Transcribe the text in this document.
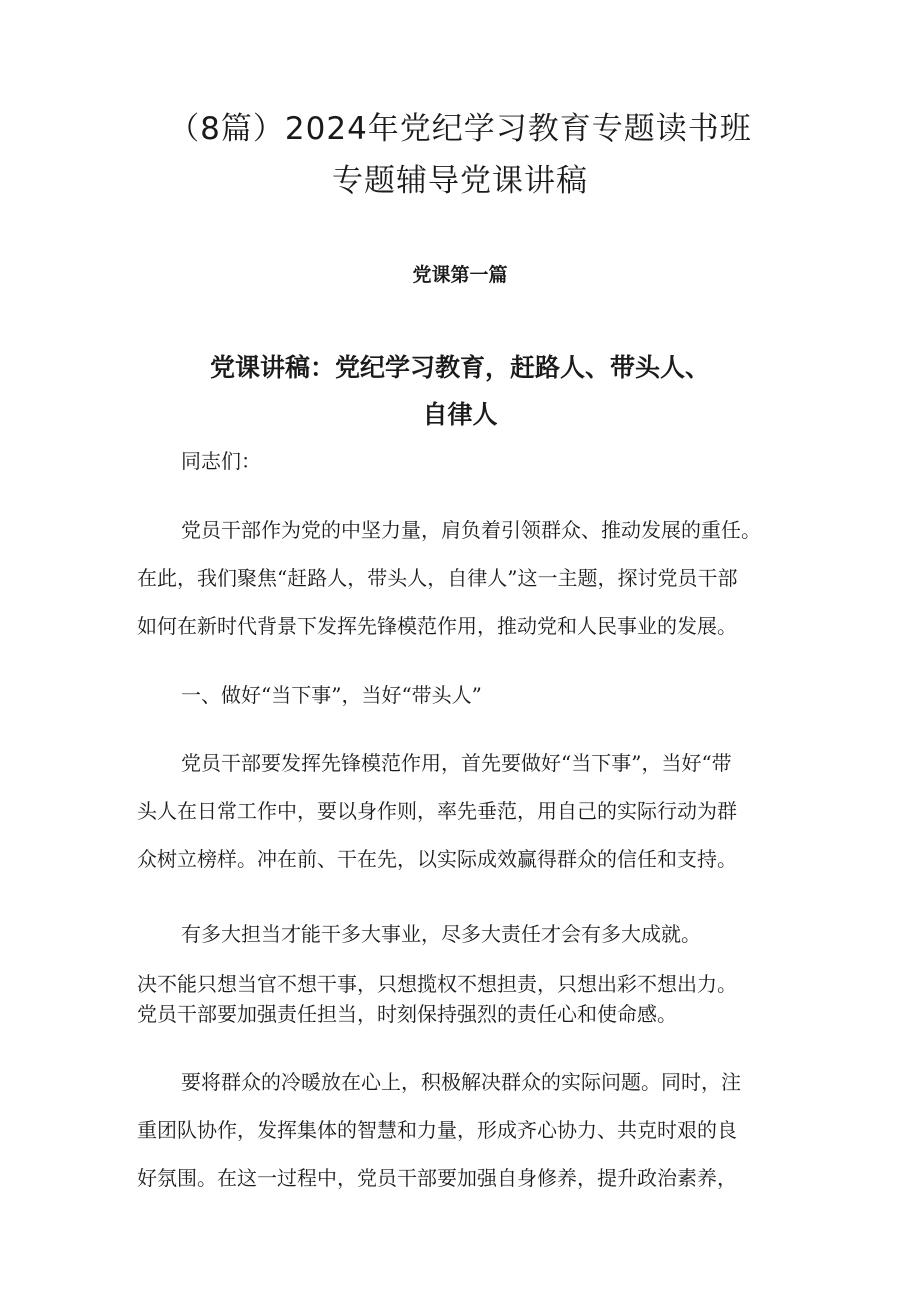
（8篇）2024年党纪学习教育专题读书班
专题辅导党课讲稿
党课第一篇
党课讲稿：党纪学习教育，赶路人、带头人、
自律人
同志们：
党员干部作为党的中坚力量，肩负着引领群众、推动发展的重任。
在此，我们聚焦“赶路人，带头人，自律人”这一主题，探讨党员干部
如何在新时代背景下发挥先锋模范作用，推动党和人民事业的发展。
一、做好“当下事”，当好“带头人”
党员干部要发挥先锋模范作用，首先要做好“当下事”，当好“带
头人在日常工作中，要以身作则，率先垂范，用自己的实际行动为群
众树立榜样。冲在前、干在先，以实际成效赢得群众的信任和支持。
有多大担当才能干多大事业，尽多大责任才会有多大成就。
决不能只想当官不想干事，只想揽权不想担责，只想出彩不想出力。
党员干部要加强责任担当，时刻保持强烈的责任心和使命感。
要将群众的冷暖放在心上，积极解决群众的实际问题。同时，注
重团队协作，发挥集体的智慧和力量，形成齐心协力、共克时艰的良
好氛围。在这一过程中，党员干部要加强自身修养，提升政治素养，
